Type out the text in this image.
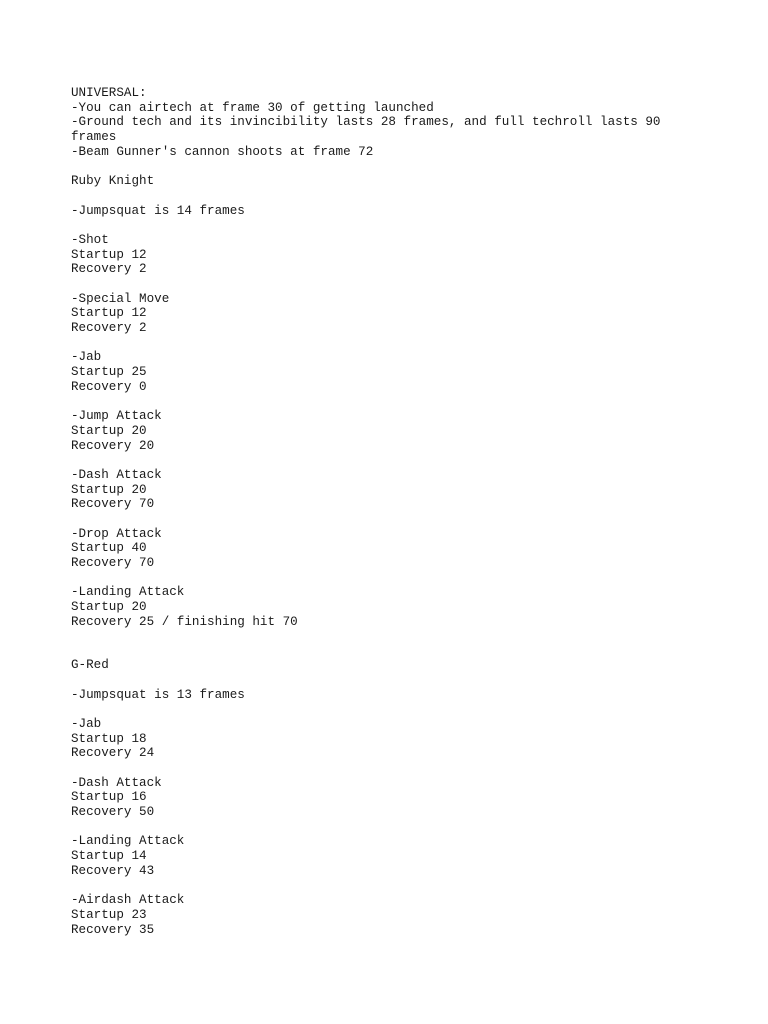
UNIVERSAL:
-You can airtech at frame 30 of getting launched
-Ground tech and its invincibility lasts 28 frames, and full techroll lasts 90
frames
-Beam Gunner's cannon shoots at frame 72
Ruby Knight
-Jumpsquat is 14 frames
-Shot
Startup 12
Recovery 2
-Special Move
Startup 12
Recovery 2
-Jab
Startup 25
Recovery 0
-Jump Attack
Startup 20
Recovery 20
-Dash Attack
Startup 20
Recovery 70
-Drop Attack
Startup 40
Recovery 70
-Landing Attack
Startup 20
Recovery 25 / finishing hit 70
G-Red
-Jumpsquat is 13 frames
-Jab
Startup 18
Recovery 24
-Dash Attack
Startup 16
Recovery 50
-Landing Attack
Startup 14
Recovery 43
-Airdash Attack
Startup 23
Recovery 35
